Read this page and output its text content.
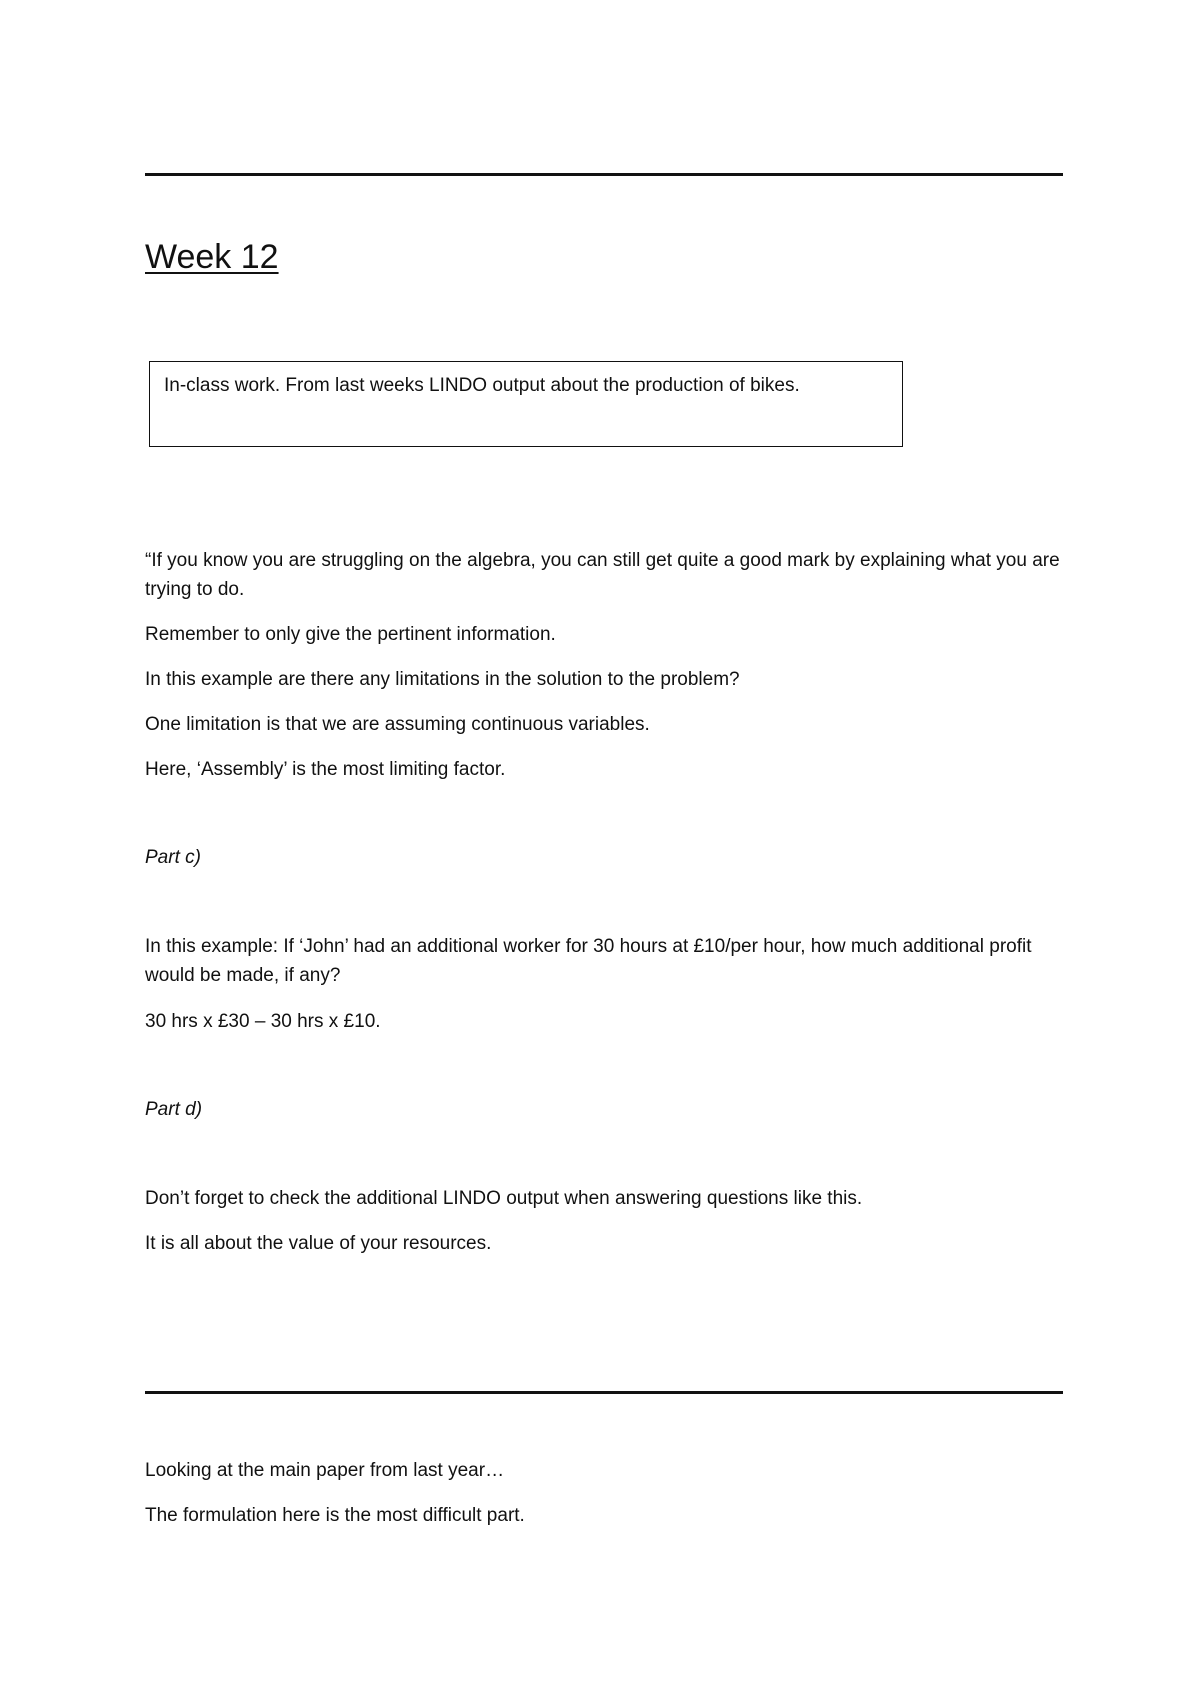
Week 12
In-class work. From last weeks LINDO output about the production of bikes.

“If you know you are struggling on the algebra, you can still get quite a good mark by explaining what you are trying to do.

Remember to only give the pertinent information.

In this example are there any limitations in the solution to the problem?

One limitation is that we are assuming continuous variables.

Here, ‘Assembly’ is the most limiting factor.

Part c)

In this example: If ‘John’ had an additional worker for 30 hours at £10/per hour, how much additional profit would be made, if any?

30 hrs x £30 – 30 hrs x £10.

Part d)

Don’t forget to check the additional LINDO output when answering questions like this.

It is all about the value of your resources.

Looking at the main paper from last year…

The formulation here is the most difficult part.
